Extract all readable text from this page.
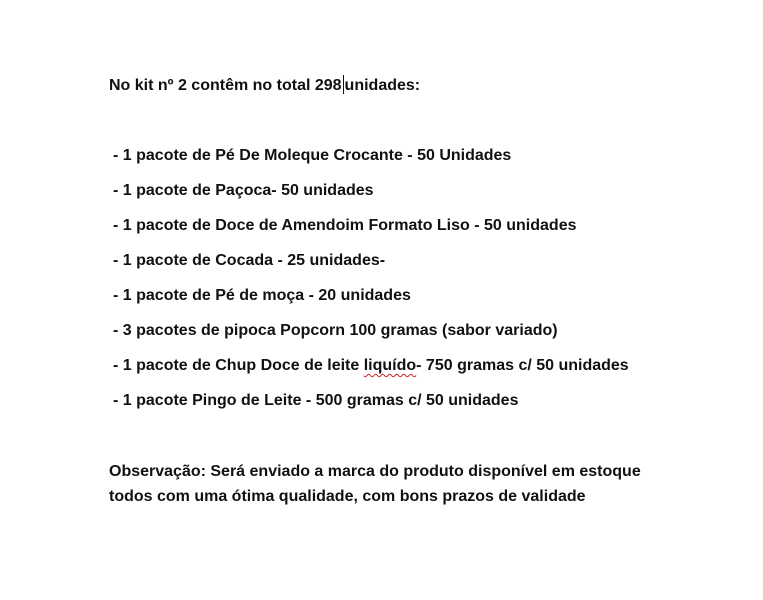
No kit nº 2 contêm no total 298 unidades:
- 1 pacote de Pé De Moleque Crocante - 50 Unidades
- 1 pacote de Paçoca- 50 unidades
- 1 pacote de Doce de Amendoim Formato Liso - 50 unidades
- 1 pacote de Cocada - 25 unidades-
- 1 pacote de Pé de moça - 20 unidades
- 3 pacotes de pipoca Popcorn 100 gramas (sabor variado)
- 1 pacote de Chup Doce de leite liquído- 750 gramas c/ 50 unidades
- 1 pacote Pingo de Leite - 500 gramas c/ 50 unidades
Observação: Será enviado a marca do produto disponível em estoque
todos com uma ótima qualidade, com bons prazos de validade
